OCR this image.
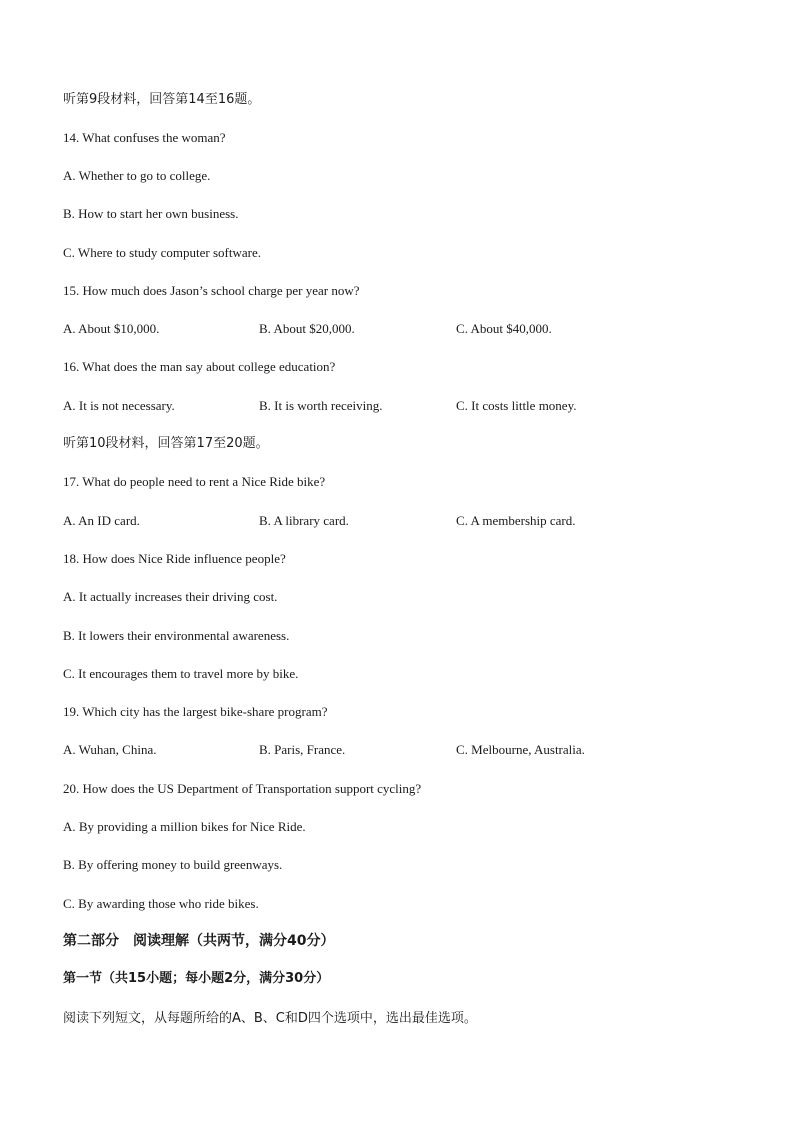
听第9段材料，回答第14至16题。
14. What confuses the woman?
A. Whether to go to college.
B. How to start her own business.
C. Where to study computer software.
15. How much does Jason’s school charge per year now?
A. About $10,000.	B. About $20,000.	C. About $40,000.
16. What does the man say about college education?
A. It is not necessary.	B. It is worth receiving.	C. It costs little money.
听第10段材料，回答第17至20题。
17. What do people need to rent a Nice Ride bike?
A. An ID card.	B. A library card.	C. A membership card.
18. How does Nice Ride influence people?
A. It actually increases their driving cost.
B. It lowers their environmental awareness.
C. It encourages them to travel more by bike.
19. Which city has the largest bike-share program?
A. Wuhan, China.	B. Paris, France.	C. Melbourne, Australia.
20. How does the US Department of Transportation support cycling?
A. By providing a million bikes for Nice Ride.
B. By offering money to build greenways.
C. By awarding those who ride bikes.
第二部分　阅读理解（共两节，满分40分）
第一节（共15小题；每小题2分，满分30分）
阅读下列短文，从每题所给的A、B、C和D四个选项中，选出最佳选项。
